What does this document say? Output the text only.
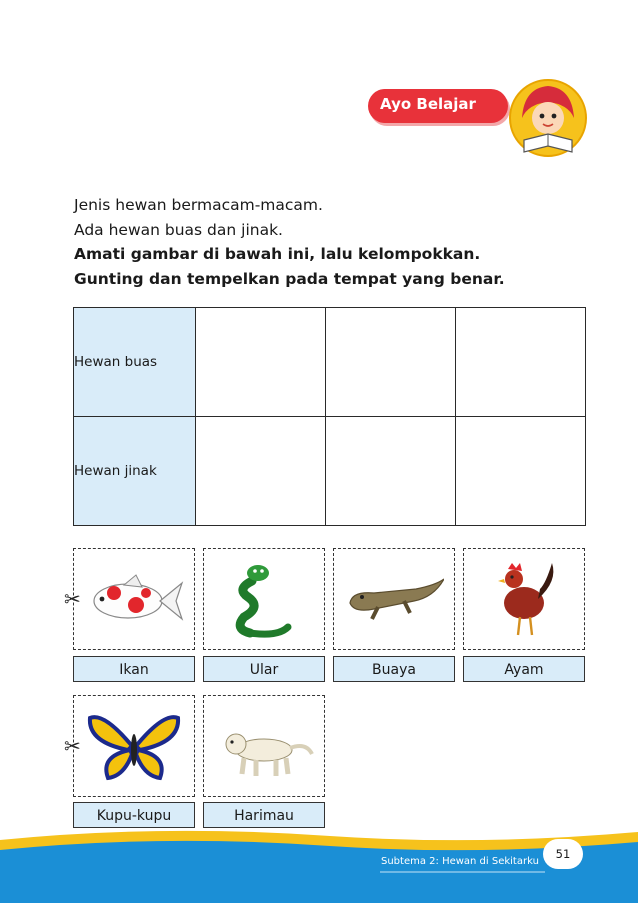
Ayo Belajar
Jenis hewan bermacam-macam.
Ada hewan buas dan jinak.
Amati gambar di bawah ini, lalu kelompokkan.
Gunting dan tempelkan pada tempat yang benar.
Hewan buas			
Hewan jinak			
✂
✂
Ikan	Ular	Buaya	Ayam
Kupu-kupu	Harimau
Subtema 2: Hewan di Sekitarku
51
